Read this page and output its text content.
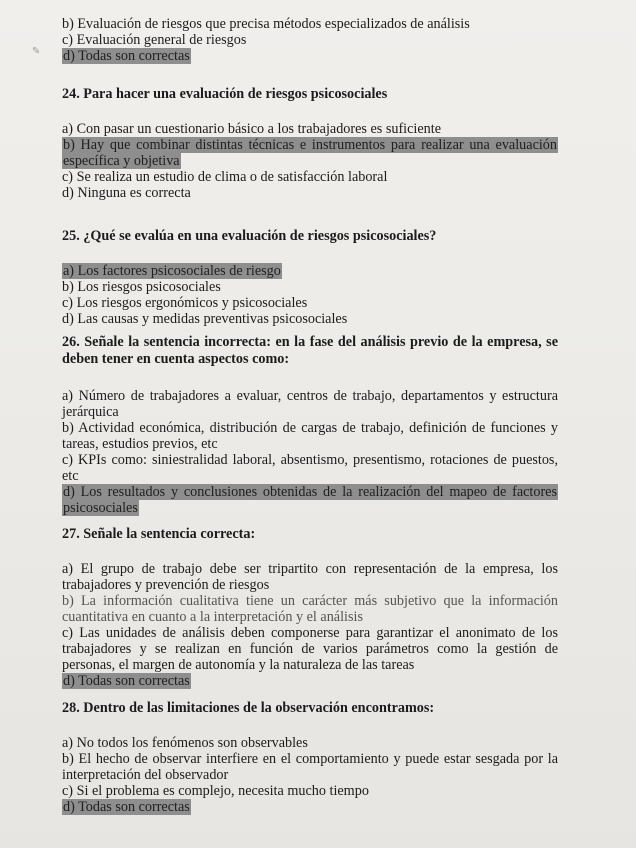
✎

b) Evaluación de riesgos que precisa métodos especializados de análisis

c) Evaluación general de riesgos

d) Todas son correctas

24. Para hacer una evaluación de riesgos psicosociales

a) Con pasar un cuestionario básico a los trabajadores es suficiente

b) Hay que combinar distintas técnicas e instrumentos para realizar una evaluación específica y objetiva

c) Se realiza un estudio de clima o de satisfacción laboral

d) Ninguna es correcta

25. ¿Qué se evalúa en una evaluación de riesgos psicosociales?

a) Los factores psicosociales de riesgo

b) Los riesgos psicosociales

c) Los riesgos ergonómicos y psicosociales

d) Las causas y medidas preventivas psicosociales

26. Señale la sentencia incorrecta: en la fase del análisis previo de la empresa, se deben tener en cuenta aspectos como:

a) Número de trabajadores a evaluar, centros de trabajo, departamentos y estructura jerárquica

b) Actividad económica, distribución de cargas de trabajo, definición de funciones y tareas, estudios previos, etc

c) KPIs como: siniestralidad laboral, absentismo, presentismo, rotaciones de puestos, etc

d) Los resultados y conclusiones obtenidas de la realización del mapeo de factores psicosociales

27. Señale la sentencia correcta:

a) El grupo de trabajo debe ser tripartito con representación de la empresa, los trabajadores y prevención de riesgos

b) La información cualitativa tiene un carácter más subjetivo que la información cuantitativa en cuanto a la interpretación y el análisis

c) Las unidades de análisis deben componerse para garantizar el anonimato de los trabajadores y se realizan en función de varios parámetros como la gestión de personas, el margen de autonomía y la naturaleza de las tareas

d) Todas son correctas

28. Dentro de las limitaciones de la observación encontramos:

a) No todos los fenómenos son observables

b) El hecho de observar interfiere en el comportamiento y puede estar sesgada por la interpretación del observador

c) Si el problema es complejo, necesita mucho tiempo

d) Todas son correctas
